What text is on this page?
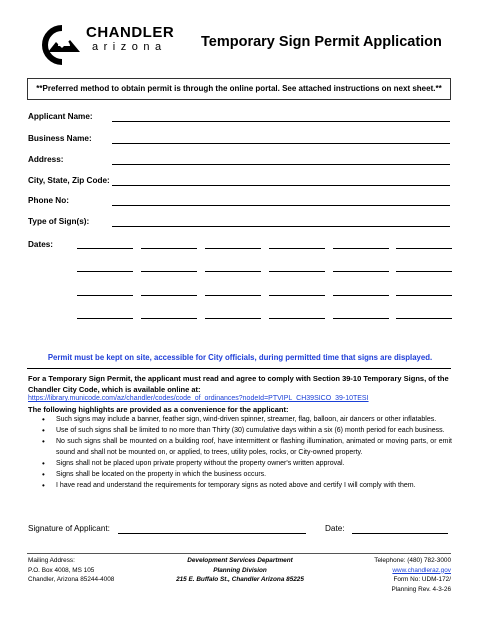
CHANDLER
arizona Temporary Sign Permit Application
**Preferred method to obtain permit is through the online portal. See attached instructions on next sheet.**
Applicant Name:
Business Name:
Address:
City, State, Zip Code:
Phone No:
Type of Sign(s):
Dates:
Permit must be kept on site, accessible for City officials, during permitted time that signs are displayed.
For a Temporary Sign Permit, the applicant must read and agree to comply with Section 39-10 Temporary Signs, of the Chandler City Code, which is available online at:
https://library.municode.com/az/chandler/codes/code_of_ordinances?nodeId=PTVIPL_CH39SICO_39-10TESI
The following highlights are provided as a convenience for the applicant:
• Such signs may include a banner, feather sign, wind-driven spinner, streamer, flag, balloon, air dancers or other inflatables.
• Use of such signs shall be limited to no more than Thirty (30) cumulative days within a six (6) month period for each business.
• No such signs shall be mounted on a building roof, have intermittent or flashing illumination, animated or moving parts, or emit sound and shall not be mounted on, or applied, to trees, utility poles, rocks, or City-owned property.
• Signs shall not be placed upon private property without the property owner's written approval.
• Signs shall be located on the property in which the business occurs.
• I have read and understand the requirements for temporary signs as noted above and certify I will comply with them.
Signature of Applicant:	Date:
Mailing Address:
P.O. Box 4008, MS 105
Chandler, Arizona 85244-4008
Development Services Department
Planning Division
215 E. Buffalo St., Chandler Arizona 85225
Telephone: (480) 782-3000
www.chandleraz.gov
Form No: UDM-172/
Planning Rev. 4-3-26
